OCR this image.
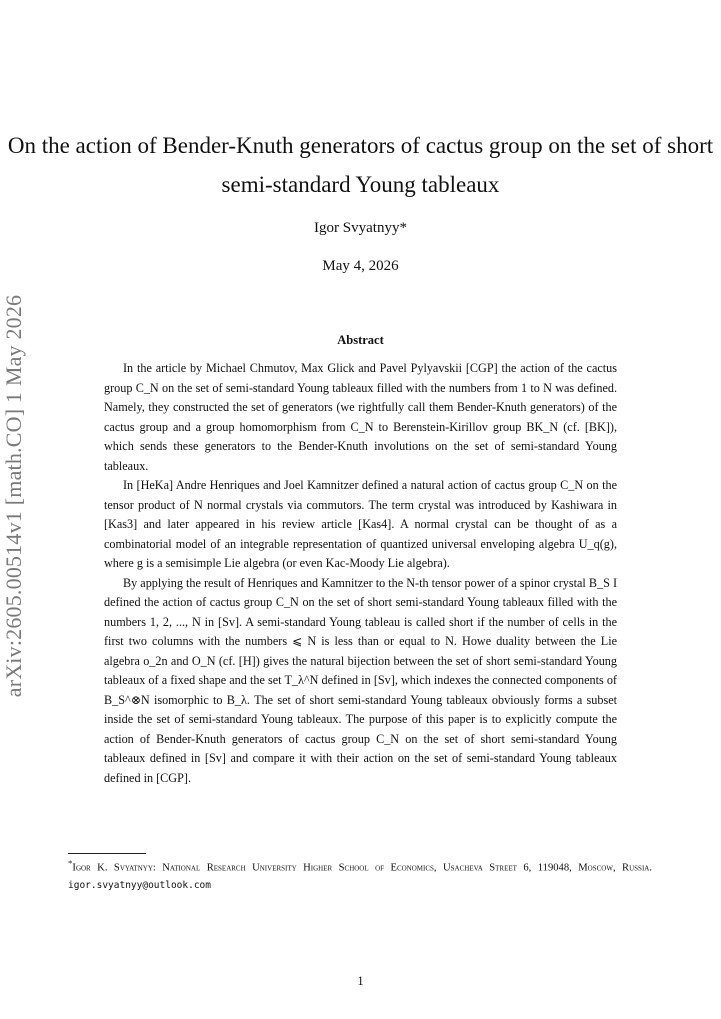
arXiv:2605.00514v1 [math.CO] 1 May 2026
On the action of Bender-Knuth generators of cactus group on the set of short semi-standard Young tableaux
Igor Svyatnyy*
May 4, 2026
Abstract

In the article by Michael Chmutov, Max Glick and Pavel Pylyavskii [CGP] the action of the cactus group C_N on the set of semi-standard Young tableaux filled with the numbers from 1 to N was defined. Namely, they constructed the set of generators (we rightfully call them Bender-Knuth generators) of the cactus group and a group homomorphism from C_N to Berenstein-Kirillov group BK_N (cf. [BK]), which sends these generators to the Bender-Knuth involutions on the set of semi-standard Young tableaux.

In [HeKa] Andre Henriques and Joel Kamnitzer defined a natural action of cactus group C_N on the tensor product of N normal crystals via commutors. The term crystal was introduced by Kashiwara in [Kas3] and later appeared in his review article [Kas4]. A normal crystal can be thought of as a combinatorial model of an integrable representation of quantized universal enveloping algebra U_q(g), where g is a semisimple Lie algebra (or even Kac-Moody Lie algebra).

By applying the result of Henriques and Kamnitzer to the N-th tensor power of a spinor crystal B_S I defined the action of cactus group C_N on the set of short semi-standard Young tableaux filled with the numbers 1, 2, ..., N in [Sv]. A semi-standard Young tableau is called short if the number of cells in the first two columns with the numbers ⩽ N is less than or equal to N. Howe duality between the Lie algebra o_2n and O_N (cf. [H]) gives the natural bijection between the set of short semi-standard Young tableaux of a fixed shape and the set T_λ^N defined in [Sv], which indexes the connected components of B_S^⊗N isomorphic to B_λ. The set of short semi-standard Young tableaux obviously forms a subset inside the set of semi-standard Young tableaux. The purpose of this paper is to explicitly compute the action of Bender-Knuth generators of cactus group C_N on the set of short semi-standard Young tableaux defined in [Sv] and compare it with their action on the set of semi-standard Young tableaux defined in [CGP].

*Igor K. Svyatnyy: National Research University Higher School of Economics, Usacheva Street 6, 119048, Moscow, Russia. igor.svyatnyy@outlook.com
1
